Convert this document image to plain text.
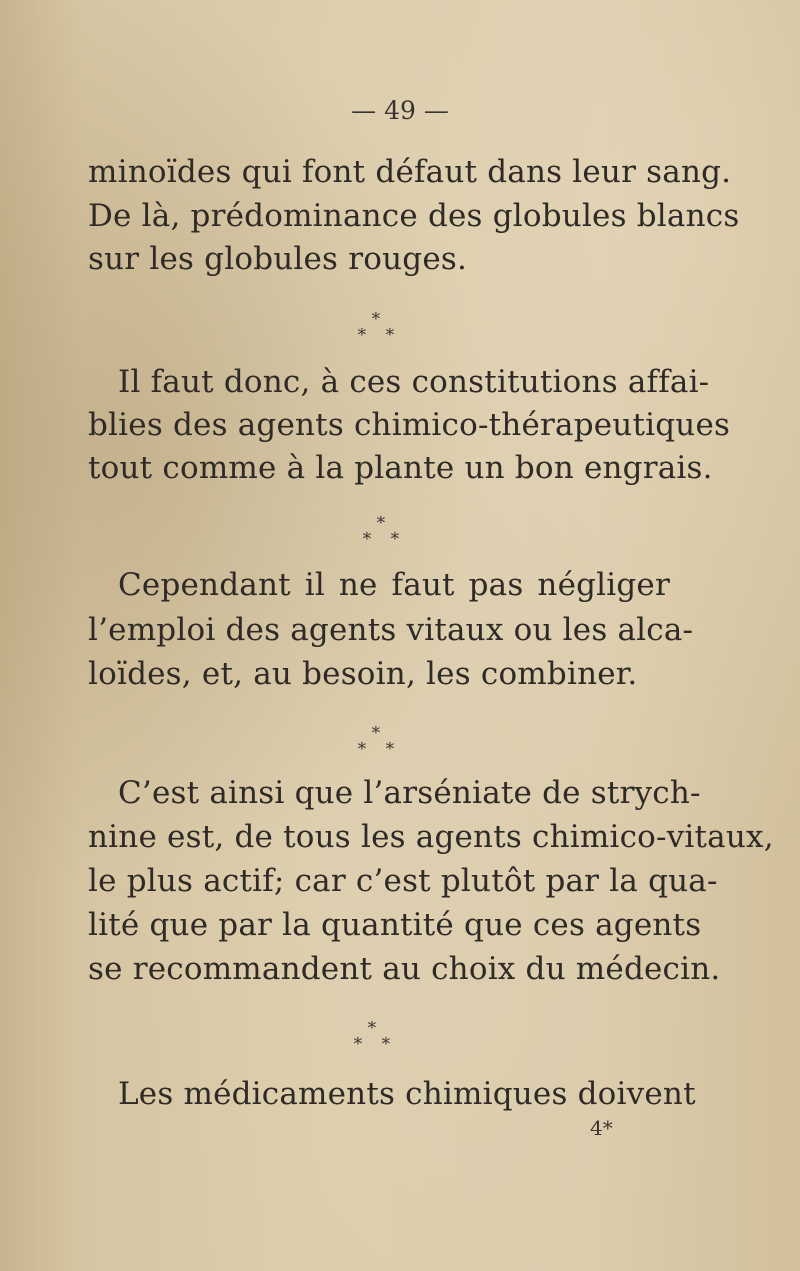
— 49 —
minoïdes qui font défaut dans leur sang.
De là, prédominance des globules blancs
sur les globules rouges.
∗
∗ ∗
Il faut donc, à ces constitutions affai-
blies des agents chimico-thérapeutiques
tout comme à la plante un bon engrais.
∗
∗ ∗
Cependant il ne faut pas négliger
l’emploi des agents vitaux ou les alca-
loïdes, et, au besoin, les combiner.
∗
∗ ∗
C’est ainsi que l’arséniate de strych-
nine est, de tous les agents chimico-vitaux,
le plus actif; car c’est plutôt par la qua-
lité que par la quantité que ces agents
se recommandent au choix du médecin.
∗
∗ ∗
Les médicaments chimiques doivent
4*
